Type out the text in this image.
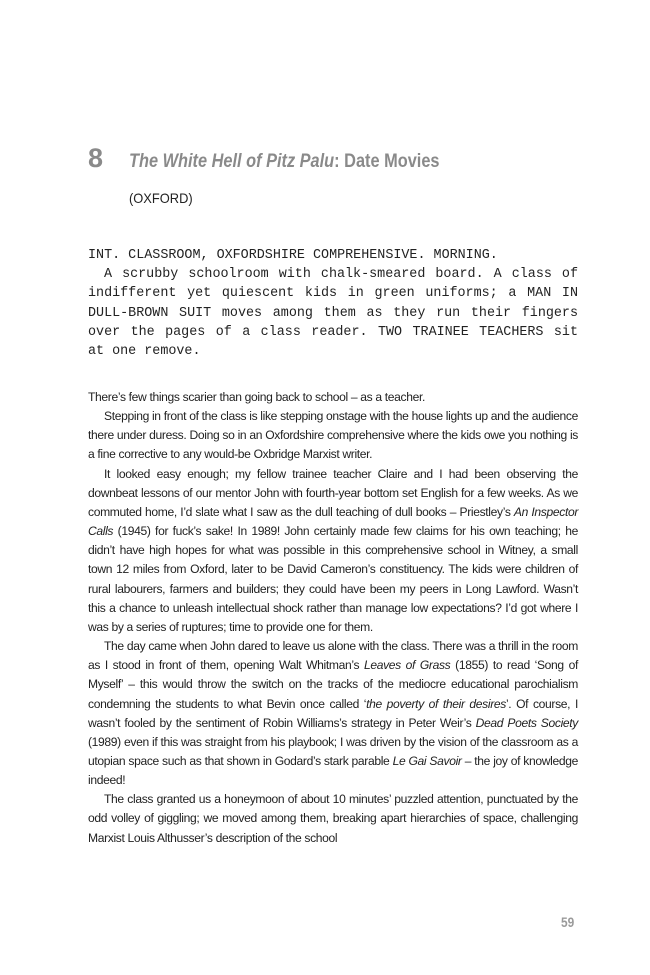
8	The White Hell of Pitz Palu: Date Movies
(OXFORD)
INT. CLASSROOM, OXFORDSHIRE COMPREHENSIVE. MORNING.

A scrubby schoolroom with chalk-smeared board. A class of indifferent yet quiescent kids in green uniforms; a MAN IN DULL-BROWN SUIT moves among them as they run their fingers over the pages of a class reader. TWO TRAINEE TEACHERS sit at one remove.

There’s few things scarier than going back to school – as a teacher.

Stepping in front of the class is like stepping onstage with the house lights up and the audience there under duress. Doing so in an Oxfordshire comprehensive where the kids owe you nothing is a fine corrective to any would-be Oxbridge Marxist writer.

It looked easy enough; my fellow trainee teacher Claire and I had been observing the downbeat lessons of our mentor John with fourth-year bottom set English for a few weeks. As we commuted home, I’d slate what I saw as the dull teaching of dull books – Priestley’s An Inspector Calls (1945) for fuck’s sake! In 1989! John certainly made few claims for his own teaching; he didn’t have high hopes for what was possible in this comprehensive school in Witney, a small town 12 miles from Oxford, later to be David Cameron’s constituency. The kids were children of rural labourers, farmers and builders; they could have been my peers in Long Lawford. Wasn’t this a chance to unleash intellectual shock rather than manage low expectations? I’d got where I was by a series of ruptures; time to provide one for them.

The day came when John dared to leave us alone with the class. There was a thrill in the room as I stood in front of them, opening Walt Whitman’s Leaves of Grass (1855) to read ‘Song of Myself’ – this would throw the switch on the tracks of the mediocre educational parochialism condemning the students to what Bevin once called ‘the poverty of their desires’. Of course, I wasn’t fooled by the sentiment of Robin Williams’s strategy in Peter Weir’s Dead Poets Society (1989) even if this was straight from his playbook; I was driven by the vision of the classroom as a utopian space such as that shown in Godard’s stark parable Le Gai Savoir – the joy of knowledge indeed!

The class granted us a honeymoon of about 10 minutes’ puzzled attention, punctuated by the odd volley of giggling; we moved among them, breaking apart hierarchies of space, challenging Marxist Louis Althusser’s description of the school

59
